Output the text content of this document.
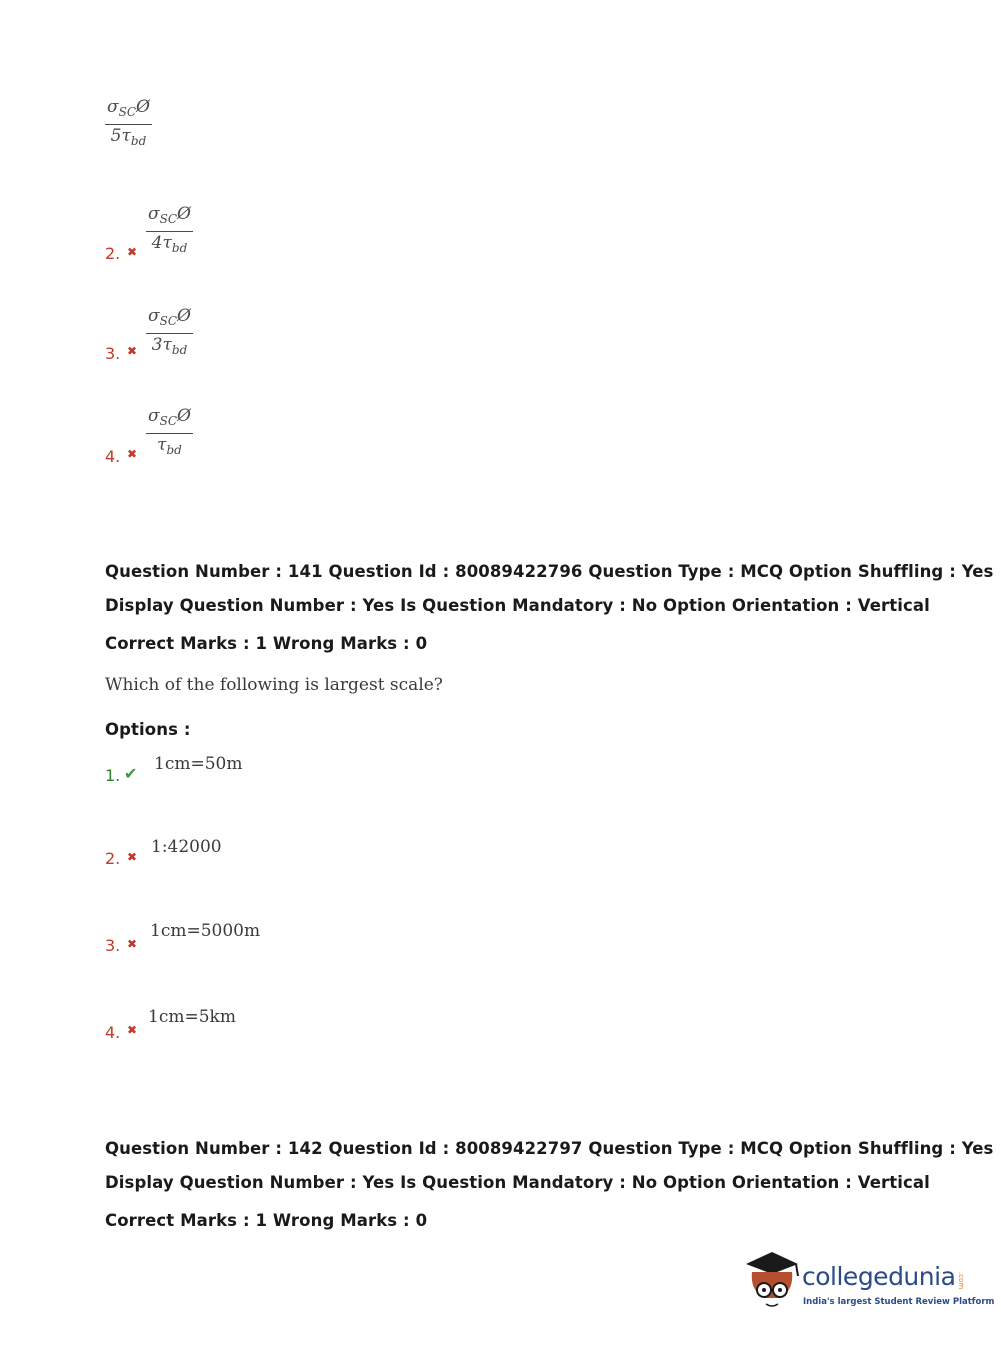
$\sigma_{SC}Ø$
$5\tau_{bd}$
2. ✖
$\sigma_{SC}Ø$
$4\tau_{bd}$
3. ✖
$\sigma_{SC}Ø$
$3\tau_{bd}$
4. ✖
$\sigma_{SC}Ø$
$\tau_{bd}$
Question Number : 141 Question Id : 80089422796 Question Type : MCQ Option Shuffling : Yes
Display Question Number : Yes Is Question Mandatory : No Option Orientation : Vertical
Correct Marks : 1 Wrong Marks : 0
Which of the following is largest scale?
Options :
1. ✔ 1cm=50m
2. ✖ 1:42000
3. ✖
1cm=5000m
4. ✖
1cm=5km
Question Number : 142 Question Id : 80089422797 Question Type : MCQ Option Shuffling : Yes
Display Question Number : Yes Is Question Mandatory : No Option Orientation : Vertical
Correct Marks : 1 Wrong Marks : 0
collegedunia .com
India's largest Student Review Platform
